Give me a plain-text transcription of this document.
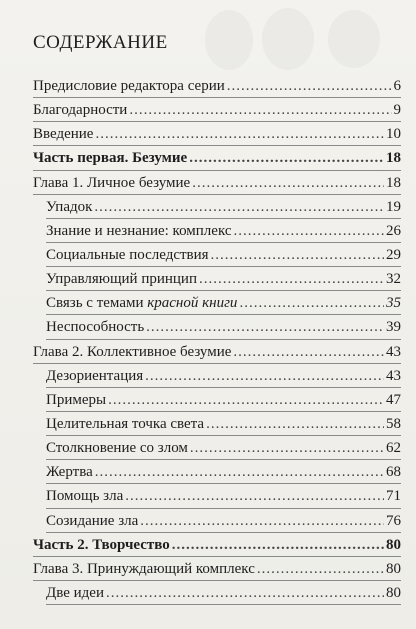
СОДЕРЖАНИЕ
Предисловие редактора серии .....	6
Благодарности .....	9
Введение .....	10
Часть первая. Безумие .....	18
Глава 1. Личное безумие .....	18
Упадок .....	19
Знание и незнание: комплекс .....	26
Социальные последствия .....	29
Управляющий принцип .....	32
Связь с темами красной книги .....	35
Неспособность .....	39
Глава 2. Коллективное безумие .....	43
Дезориентация .....	43
Примеры .....	47
Целительная точка света .....	58
Столкновение со злом .....	62
Жертва .....	68
Помощь зла .....	71
Созидание зла .....	76
Часть 2. Творчество .....	80
Глава 3. Принуждающий комплекс .....	80
Две идеи .....	80
